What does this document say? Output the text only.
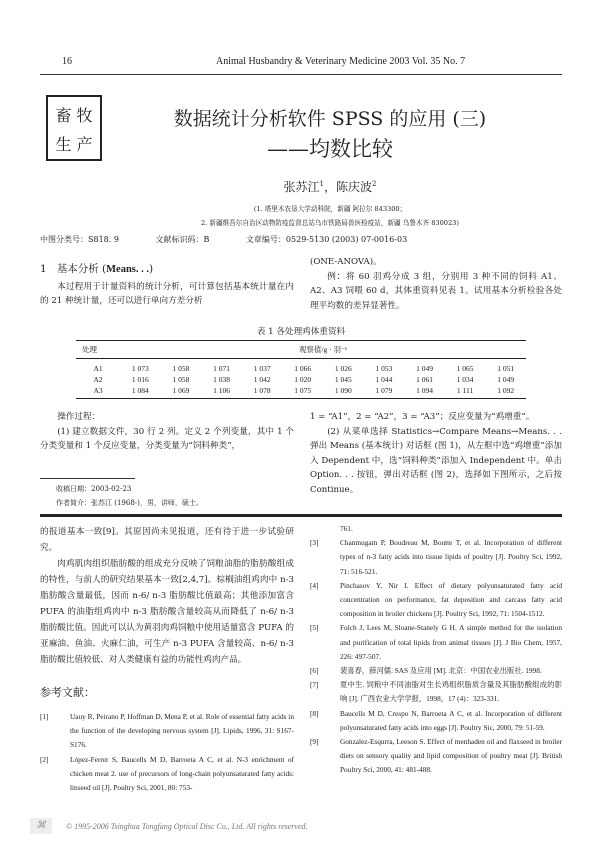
16	Animal Husbandry & Veterinary Medicine 2003 Vol. 35 No. 7
畜 牧
生 产
数据统计分析软件 SPSS 的应用 (三)
——均数比较
张苏江$^1$，陈庆波$^2$
(1. 塔里木农垦大学动科院，新疆 阿拉尔 843300；
2. 新疆维吾尔自治区动物防疫监督总站乌市铁路局兽医检疫站，新疆 乌鲁木齐 830023)
中图分类号：S818. 9	文献标识码：B	文章编号：0529-5130 (2003) 07-0016-03
1 基本分析 (Means. . .)
本过程用于计量资料的统计分析，可计算包括基本统计量在内的 21 种统计量，还可以进行单向方差分析
(ONE-ANOVA)。
例：将 60 羽鸡分成 3 组，分别用 3 种不同的饲料 A1、A2、A3 饲喂 60 d，其体重资料见表 1。试用基本分析检验各处理平均数的差异显著性。
表 1 各处理鸡体重资料
处理	观察值/g · 羽⁻¹									
A1	1 073	1 058	1 071	1 037	1 066	1 026	1 053	1 049	1 065	1 051
A2	1 016	1 058	1 038	1 042	1 020	1 045	1 044	1 061	1 034	1 049
A3	1 084	1 069	1 106	1 078	1 075	1 090	1 079	1 094	1 111	1 092
操作过程：
(1) 建立数据文件，30 行 2 列。定义 2 个列变量，其中 1 个分类变量和 1 个反应变量，分类变量为“饲料种类”，
1 = “A1”，2 = “A2”，3 = “A3”；反应变量为“鸡增重”。
(2) 从菜单选择 Statistics→Compare Means→Means. . . 弹出 Means (基本统计) 对话框 (图 1)，从左框中选“鸡增重”添加入 Dependent 中，选“饲料种类”添加入 Independent 中。单击 Option. . . 按钮，弹出对话框 (图 2)，选择如下图所示，之后按 Continue。
收稿日期：2003-02-23
作者简介：张苏江 (1968-)，男，讲师，硕士。
的报道基本一致[9]。其原因尚未见报道，还有待于进一步试验研究。
肉鸡肌肉组织脂肪酸的组成充分反映了饲粮油脂的脂肪酸组成的特性，与前人的研究结果基本一致[2,4,7]。棕榈油组鸡肉中 n-3 脂肪酸含量最低，因而 n-6/ n-3 脂肪酸比值最高；其他添加富含 PUFA 的油脂组鸡肉中 n-3 脂肪酸含量较高从而降低了 n-6/ n-3 脂肪酸比值。因此可以认为黄羽肉鸡饲粮中使用适量富含 PUFA 的亚麻油、鱼油、火麻仁油，可生产 n-3 PUFA 含量较高、n-6/ n-3 脂肪酸比值较低、对人类健康有益的功能性鸡肉产品。
参考文献：
[1]	Uauy R, Peirano P, Hoffman D, Mena P, et al. Role of essential fatty acids in the function of the developing nervous system [J]. Lipids, 1996, 31: S167-S176.
[2]	López-Ferrer S, Baucells M D, Barroeta A C, et al. N-3 enrichment of chicken meat 2. use of precursors of long-chain polyunsaturated fatty acids: linseed oil [J]. Poultry Sci, 2001, 80: 753-
761.
[3]	Chanmugam P, Boudreau M, Boutte T, et al. Incorporation of different types of n-3 fatty acids into tissue lipids of poultry [J]. Poultry Sci, 1992, 71: 516-521.
[4]	Pinchasov Y, Nir I. Effect of dietary polyunsaturated fatty acid concentration on performance, fat deposition and carcass fatty acid composition in broiler chickens [J]. Poultry Sci, 1992, 71: 1504-1512.
[5]	Folch J, Lees M, Sloane-Stanely G H. A simple method for the isolation and purification of total lipids from animal tissues [J]. J Bio Chem, 1957, 226: 497-507.
[6]	裴喜春，薛河儒. SAS 及应用 [M]. 北京：中国农业出版社. 1998.
[7]	夏中生. 饲粮中不同油脂对生长鸡组织脂质含量及其脂肪酸组成的影响 [J]. 广西农业大学学报，1998，17 (4)：323-331.
[8]	Baucells M D, Crespo N, Barroeta A C, et al. Incorporation of different polyunsaturated fatty acids into eggs [J]. Poultry Sic, 2000, 79: 51-59.
[9]	Gonzalez-Esqurra, Leeson S. Effect of menhaden oil and flaxseed in broiler diets on sensory quality and lipid composition of poultry meat [J]. British Poultry Sci, 2000, 41: 481-488.
⌘	© 1995-2006 Tsinghua Tongfang Optical Disc Co., Ltd. All rights reserved.
